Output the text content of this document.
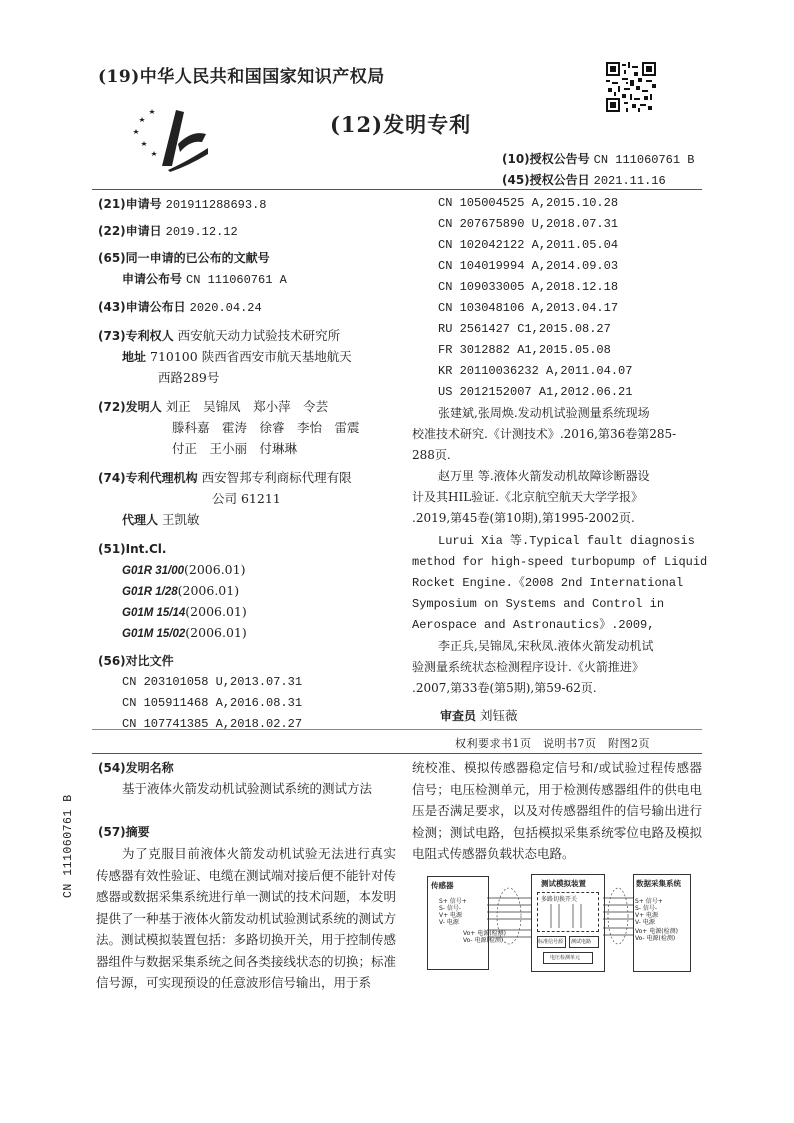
(19)中华人民共和国国家知识产权局
(12)发明专利
(10)授权公告号 CN 111060761 B
(45)授权公告日 2021.11.16
(21)申请号 201911288693.8
(22)申请日 2019.12.12
(65)同一申请的已公布的文献号
申请公布号 CN 111060761 A
(43)申请公布日 2020.04.24
(73)专利权人 西安航天动力试验技术研究所
地址 710100 陕西省西安市航天基地航天
西路289号
(72)发明人 刘正　吴锦凤　郑小萍　令芸
滕科嘉　霍涛　徐睿　李怡　雷震
付正　王小丽　付琳琳
(74)专利代理机构 西安智邦专利商标代理有限
公司 61211
代理人 王凯敏
(51)Int.Cl.
G01R 31/00(2006.01)
G01R 1/28(2006.01)
G01M 15/14(2006.01)
G01M 15/02(2006.01)
(56)对比文件
CN 203101058 U,2013.07.31
CN 105911468 A,2016.08.31
CN 107741385 A,2018.02.27
CN 105004525 A,2015.10.28
CN 207675890 U,2018.07.31
CN 102042122 A,2011.05.04
CN 104019994 A,2014.09.03
CN 109033005 A,2018.12.18
CN 103048106 A,2013.04.17
RU 2561427 C1,2015.08.27
FR 3012882 A1,2015.05.08
KR 20110036232 A,2011.04.07
US 2012152007 A1,2012.06.21
张建斌,张周焕.发动机试验测量系统现场
校准技术研究.《计测技术》.2016,第36卷第285-
288页.
赵万里 等.液体火箭发动机故障诊断器设
计及其HIL验证.《北京航空航天大学学报》
.2019,第45卷(第10期),第1995-2002页.
Lurui Xia 等.Typical fault diagnosis
method for high-speed turbopump of Liquid
Rocket Engine.《2008 2nd International
Symposium on Systems and Control in
Aerospace and Astronautics》.2009,
李正兵,吴锦凤,宋秋凤.液体火箭发动机试
验测量系统状态检测程序设计.《火箭推进》
.2007,第33卷(第5期),第59-62页.
审查员 刘钰薇
权利要求书1页　说明书7页　附图2页
(54)发明名称
基于液体火箭发动机试验测试系统的测试方法
(57)摘要
为了克服目前液体火箭发动机试验无法进行真实传感器有效性验证、电缆在测试端对接后便不能针对传感器或数据采集系统进行单一测试的技术问题，本发明提供了一种基于液体火箭发动机试验测试系统的测试方法。测试模拟装置包括：多路切换开关，用于控制传感器组件与数据采集系统之间各类接线状态的切换；标准信号源，可实现预设的任意波形信号输出，用于系
统校准、模拟传感器稳定信号和/或试验过程传感器信号；电压检测单元，用于检测传感器组件的供电电压是否满足要求，以及对传感器组件的信号输出进行检测；测试电路，包括模拟采集系统零位电路及模拟电阻式传感器负载状态电路。
CN 111060761 B	传感器
S+ 信号+
S- 信号-
V+ 电源
V- 电源
Vo+ 电源(检测)
Vo- 电源(检测)
测试模拟装置
多路切换开关
标准信号源 测试电路
电压检测单元
数据采集系统
S+ 信号+
S- 信号-
V+ 电源
V- 电源
Vo+ 电源(检测)
Vo- 电源(检测)
